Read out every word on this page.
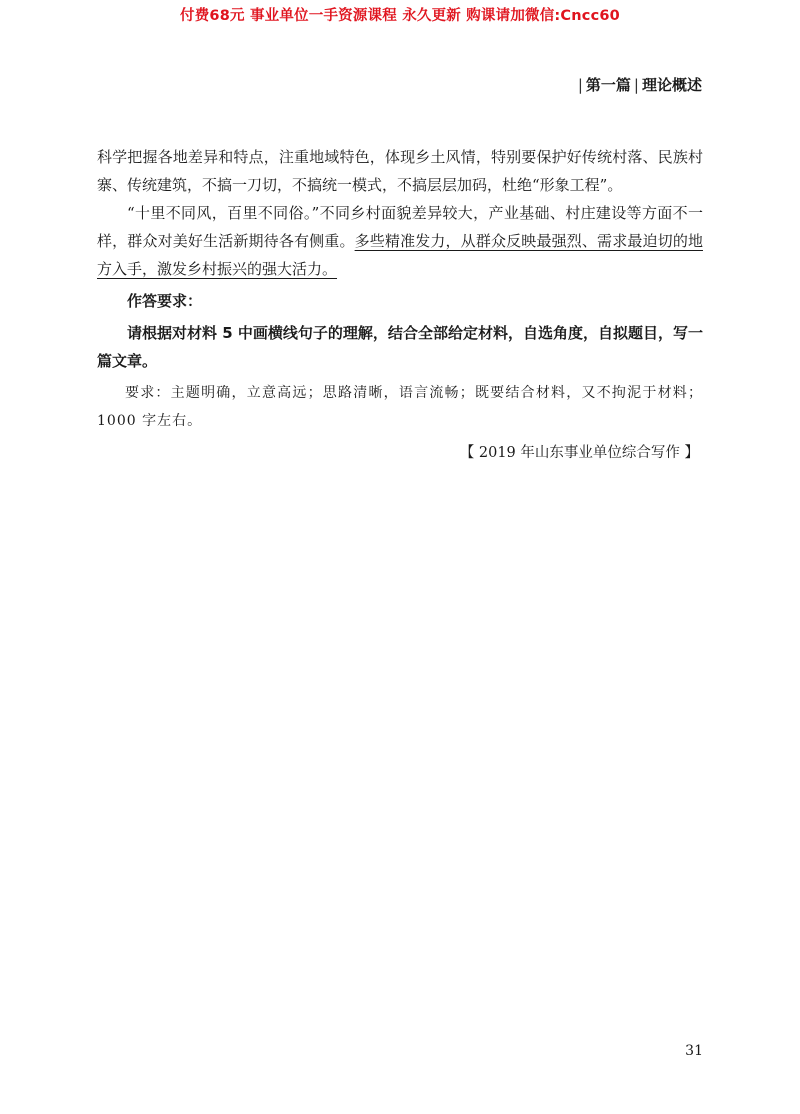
付费68元 事业单位一手资源课程 永久更新 购课请加微信:Cncc60
| 第一篇 | 理论概述

科学把握各地差异和特点，注重地域特色，体现乡土风情，特别要保护好传统村落、民族村寨、传统建筑，不搞一刀切，不搞统一模式，不搞层层加码，杜绝“形象工程”。

“十里不同风，百里不同俗。”不同乡村面貌差异较大，产业基础、村庄建设等方面不一样，群众对美好生活新期待各有侧重。多些精准发力，从群众反映最强烈、需求最迫切的地方入手，激发乡村振兴的强大活力。

作答要求：

请根据对材料 5 中画横线句子的理解，结合全部给定材料，自选角度，自拟题目，写一篇文章。

要求：主题明确，立意高远；思路清晰，语言流畅；既要结合材料，又不拘泥于材料；1000 字左右。

【 2019 年山东事业单位综合写作 】

31
